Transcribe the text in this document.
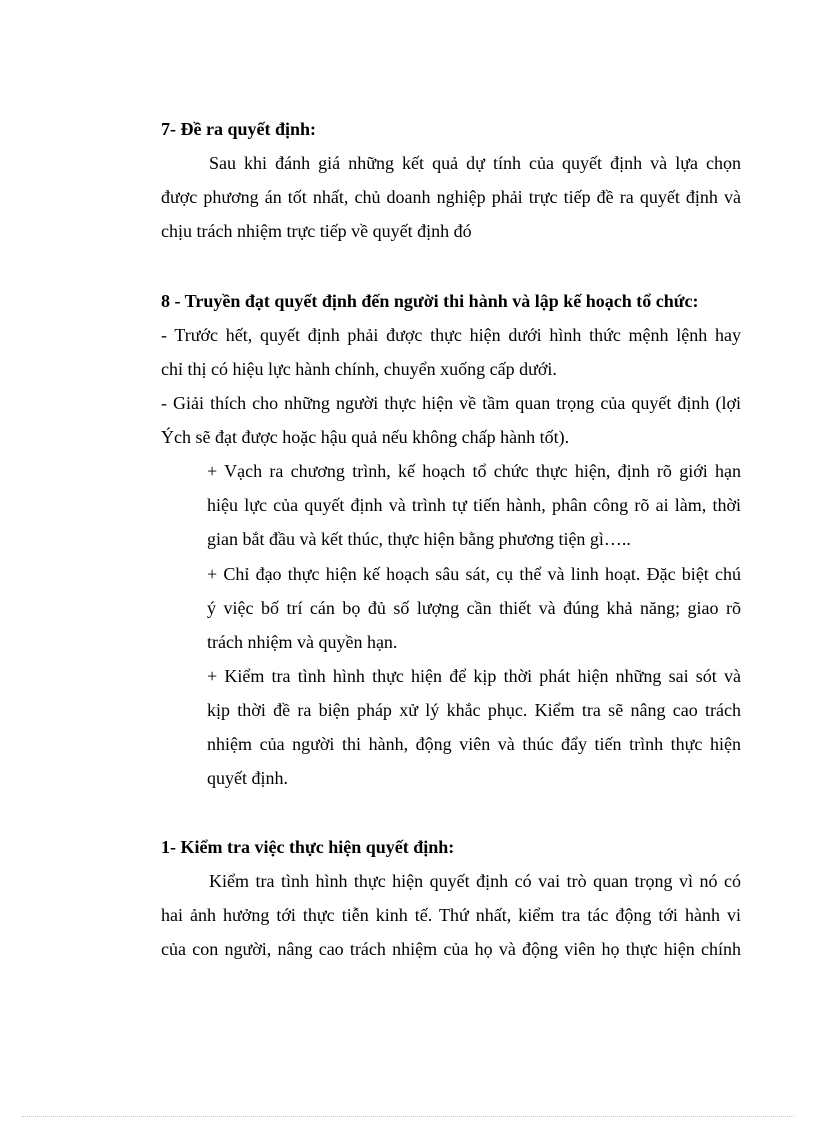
7- Đề ra quyết định:

Sau khi đánh giá những kết quả dự tính của quyết định và lựa chọn

được phương án tốt nhất, chủ doanh nghiệp phải trực tiếp đề ra quyết định và

chịu trách nhiệm trực tiếp về quyết định đó

8 - Truyền đạt quyết định đến người thi hành và lập kế hoạch tổ chức:

- Trước hết, quyết định phải được thực hiện dưới hình thức mệnh lệnh hay

chỉ thị có hiệu lực hành chính, chuyển xuống cấp dưới.

- Giải thích cho những người thực hiện về tầm quan trọng của quyết định (lợi

Ých sẽ đạt được hoặc hậu quả nếu không chấp hành tốt).

+ Vạch ra chương trình, kế hoạch tổ chức thực hiện, định rõ giới hạn

hiệu lực của quyết định và trình tự tiến hành, phân công rõ ai làm, thời

gian bắt đầu và kết thúc, thực hiện bằng phương tiện gì…..

+ Chỉ đạo thực hiện kế hoạch sâu sát, cụ thể và linh hoạt. Đặc biệt chú

ý việc bố trí cán bọ đủ số lượng cần thiết và đúng khả năng; giao rõ

trách nhiệm và quyền hạn.

+ Kiểm tra tình hình thực hiện để kịp thời phát hiện những sai sót và

kịp thời đề ra biện pháp xử lý khắc phục. Kiểm tra sẽ nâng cao trách

nhiệm của người thi hành, động viên và thúc đẩy tiến trình thực hiện

quyết định.

1- Kiểm tra việc thực hiện quyết định:

Kiểm tra tình hình thực hiện quyết định có vai trò quan trọng vì nó có

hai ảnh hưởng tới thực tiễn kinh tế. Thứ nhất, kiểm tra tác động tới hành vi

của con người, nâng cao trách nhiệm của họ và động viên họ thực hiện chính
